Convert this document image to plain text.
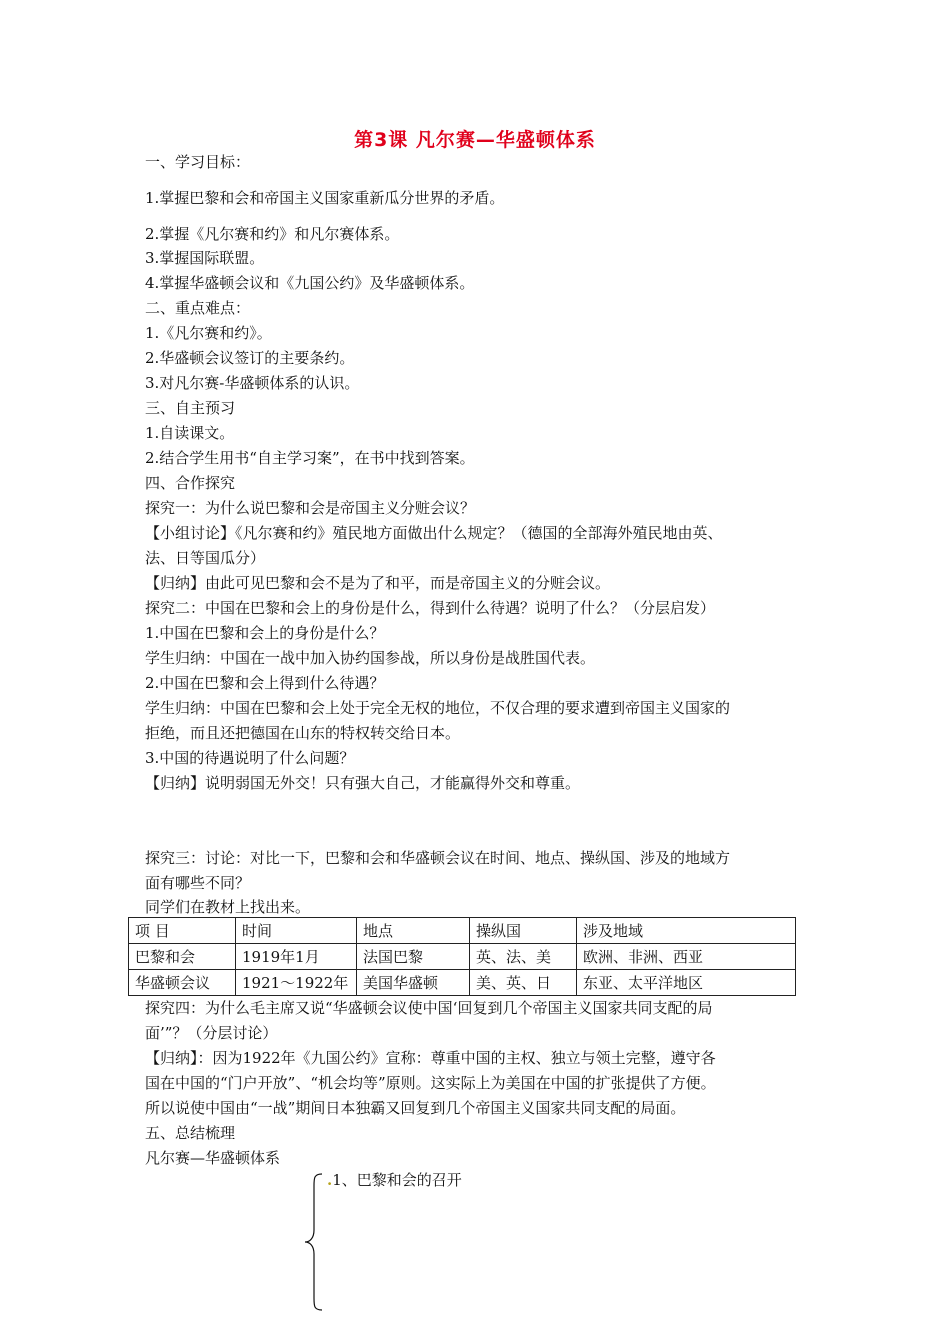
第3课 凡尔赛—华盛顿体系
一、学习目标：
1.掌握巴黎和会和帝国主义国家重新瓜分世界的矛盾。
2.掌握《凡尔赛和约》和凡尔赛体系。
3.掌握国际联盟。
4.掌握华盛顿会议和《九国公约》及华盛顿体系。
二、重点难点：
1.《凡尔赛和约》。
2.华盛顿会议签订的主要条约。
3.对凡尔赛-华盛顿体系的认识。
三、自主预习
1.自读课文。
2.结合学生用书“自主学习案”，在书中找到答案。
四、合作探究
探究一：为什么说巴黎和会是帝国主义分赃会议？
【小组讨论】《凡尔赛和约》殖民地方面做出什么规定？（德国的全部海外殖民地由英、
法、日等国瓜分）
【归纳】由此可见巴黎和会不是为了和平，而是帝国主义的分赃会议。
探究二：中国在巴黎和会上的身份是什么，得到什么待遇？说明了什么？（分层启发）
1.中国在巴黎和会上的身份是什么？
学生归纳：中国在一战中加入协约国参战，所以身份是战胜国代表。
2.中国在巴黎和会上得到什么待遇？
学生归纳：中国在巴黎和会上处于完全无权的地位，不仅合理的要求遭到帝国主义国家的
拒绝，而且还把德国在山东的特权转交给日本。
3.中国的待遇说明了什么问题？
【归纳】说明弱国无外交！只有强大自己，才能赢得外交和尊重。
探究三：讨论：对比一下，巴黎和会和华盛顿会议在时间、地点、操纵国、涉及的地域方
面有哪些不同？
同学们在教材上找出来。
项 目	时间	地点	操纵国	涉及地域
巴黎和会	1919年1月	法国巴黎	英、法、美	欧洲、非洲、西亚
华盛顿会议	1921～1922年	美国华盛顿	美、英、日	东亚、太平洋地区
探究四：为什么毛主席又说“华盛顿会议使中国‘回复到几个帝国主义国家共同支配的局
面’”？（分层讨论）
【归纳】：因为1922年《九国公约》宣称：尊重中国的主权、独立与领土完整，遵守各
国在中国的“门户开放”、“机会均等”原则。这实际上为美国在中国的扩张提供了方便。
所以说使中国由“一战”期间日本独霸又回复到几个帝国主义国家共同支配的局面。
五、总结梳理
凡尔赛—华盛顿体系
.1、巴黎和会的召开
